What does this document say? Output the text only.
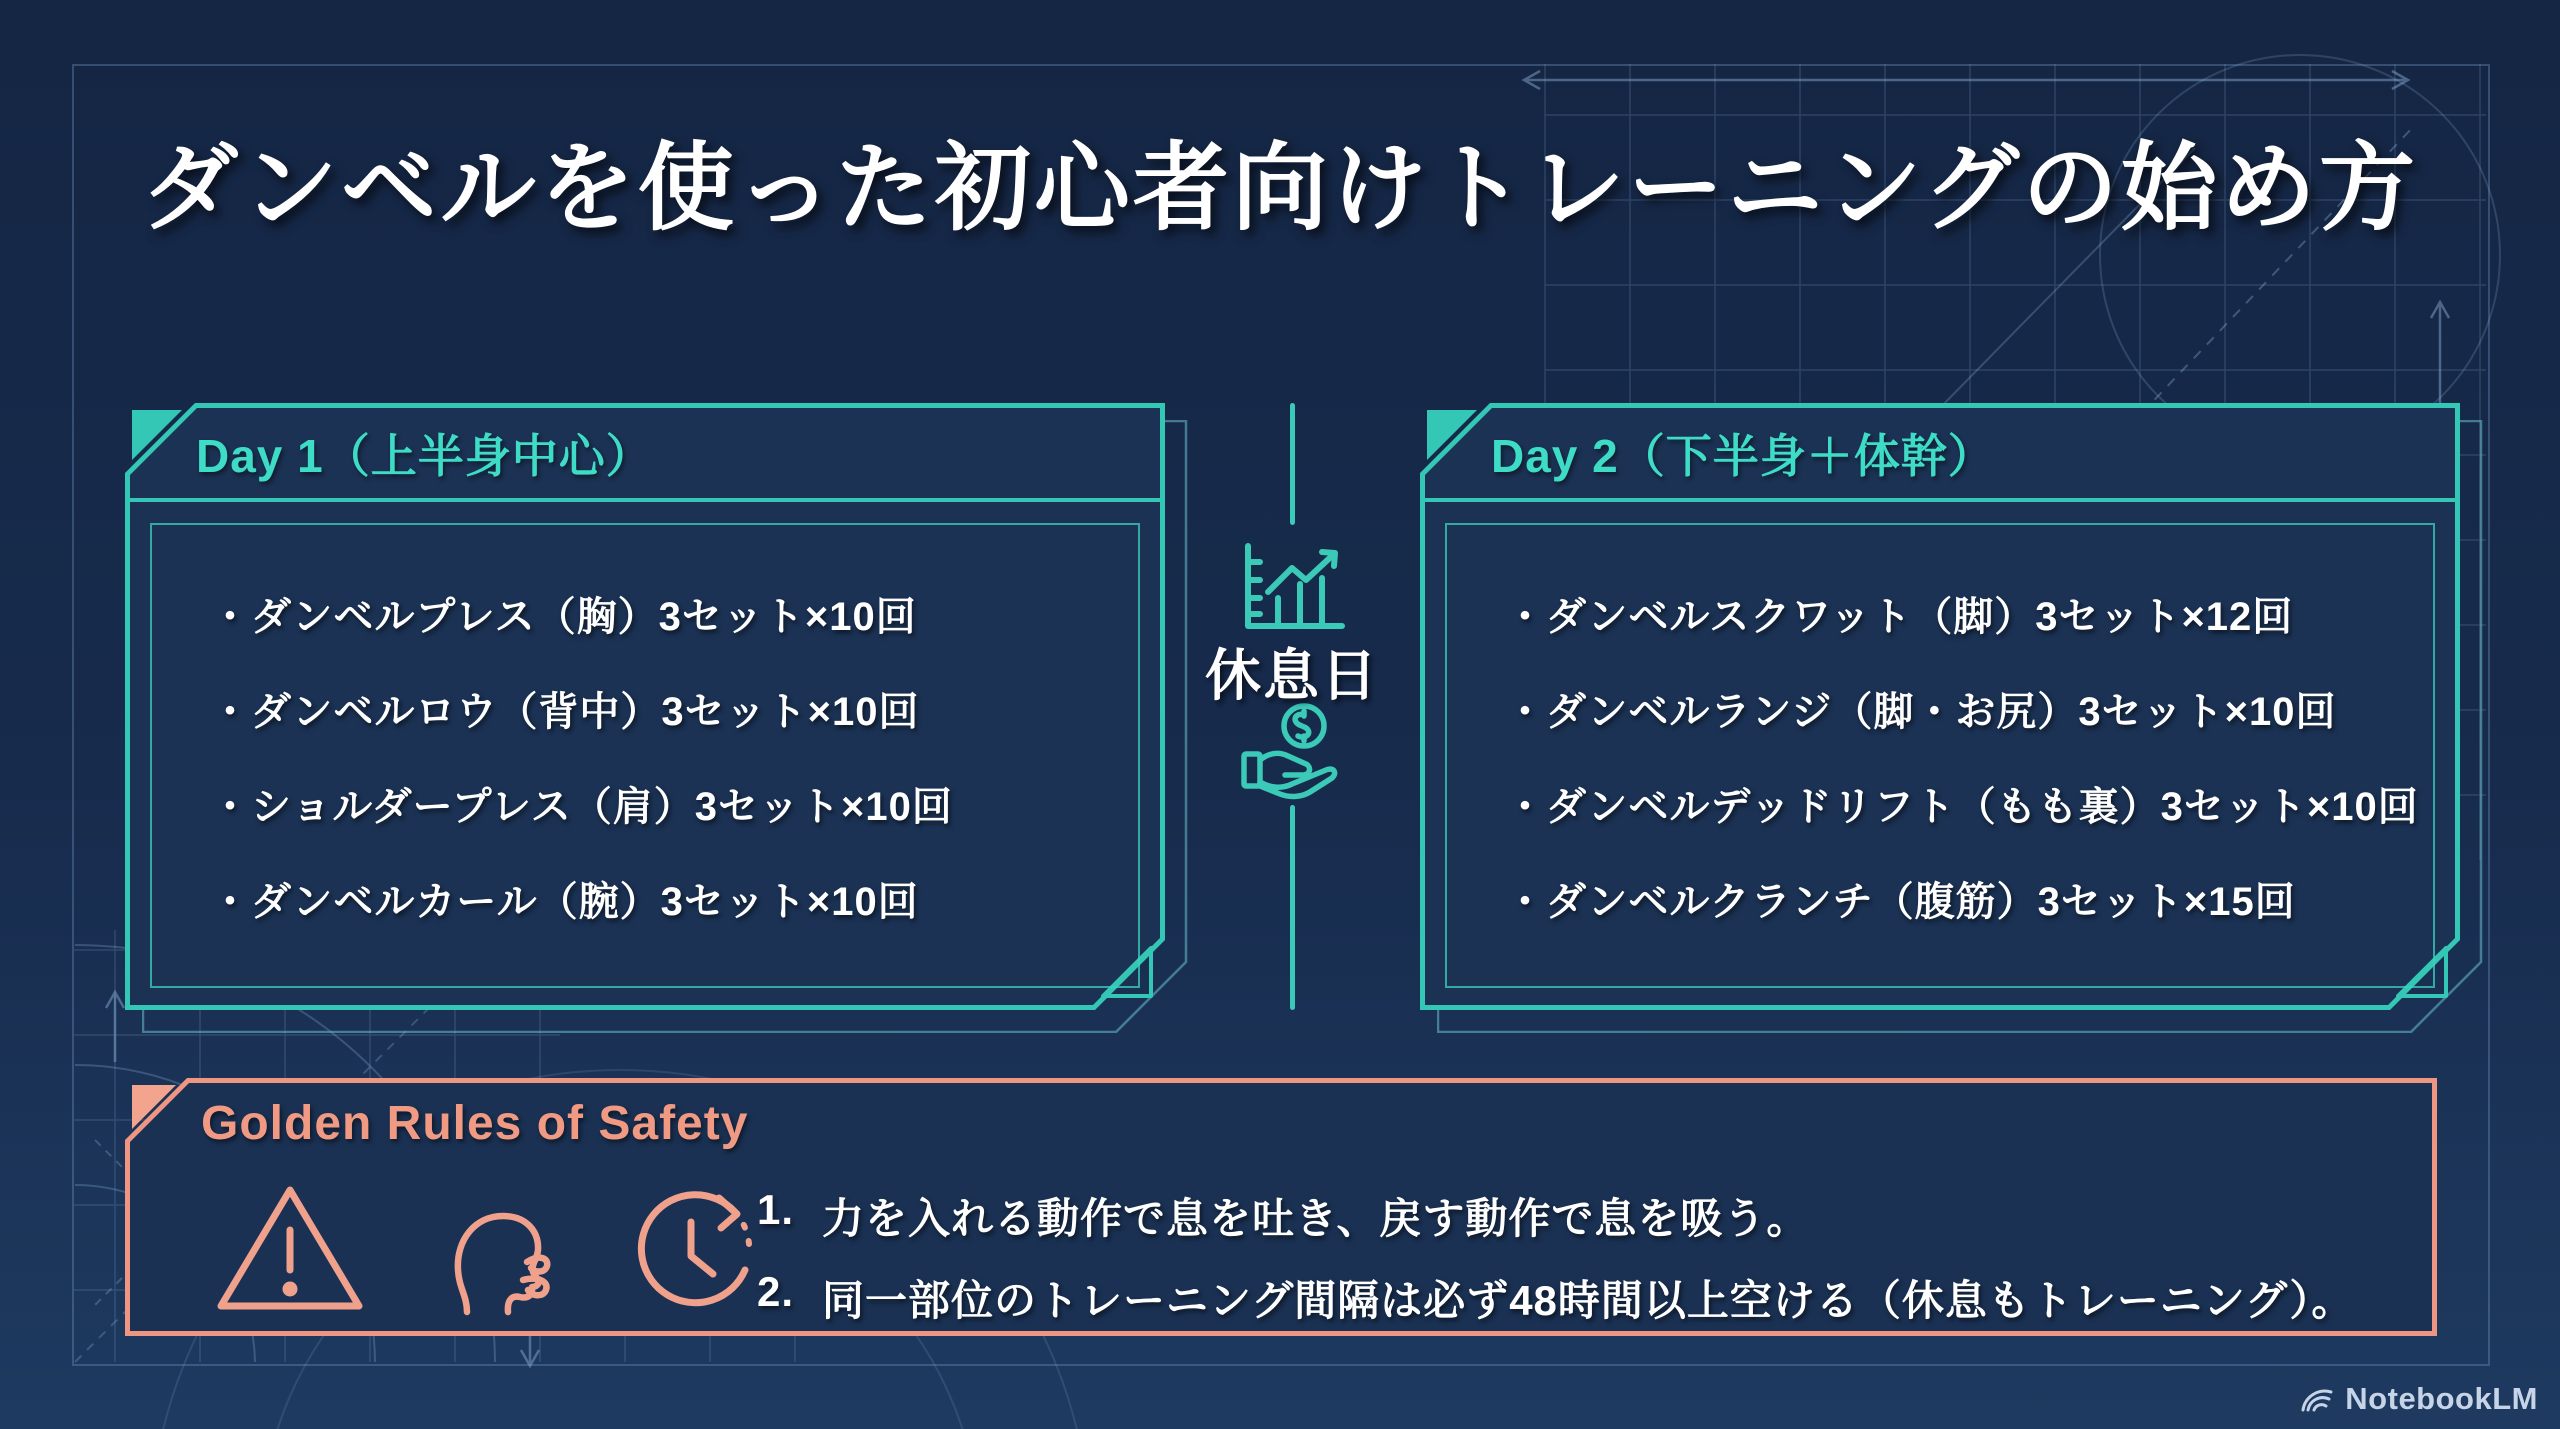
ダンベルを使った初心者向けトレーニングの始め方
Day 1（上半身中心）
・ダンベルプレス（胸）3セット×10回
・ダンベルロウ（背中）3セット×10回
・ショルダープレス（肩）3セット×10回
・ダンベルカール（腕）3セット×10回
休息日
Day 2（下半身＋体幹）
・ダンベルスクワット（脚）3セット×12回
・ダンベルランジ（脚・お尻）3セット×10回
・ダンベルデッドリフト（もも裏）3セット×10回
・ダンベルクランチ（腹筋）3セット×15回
Golden Rules of Safety
1. 力を入れる動作で息を吐き、戻す動作で息を吸う。
2. 同一部位のトレーニング間隔は必ず48時間以上空ける（休息もトレーニング）。
NotebookLM
